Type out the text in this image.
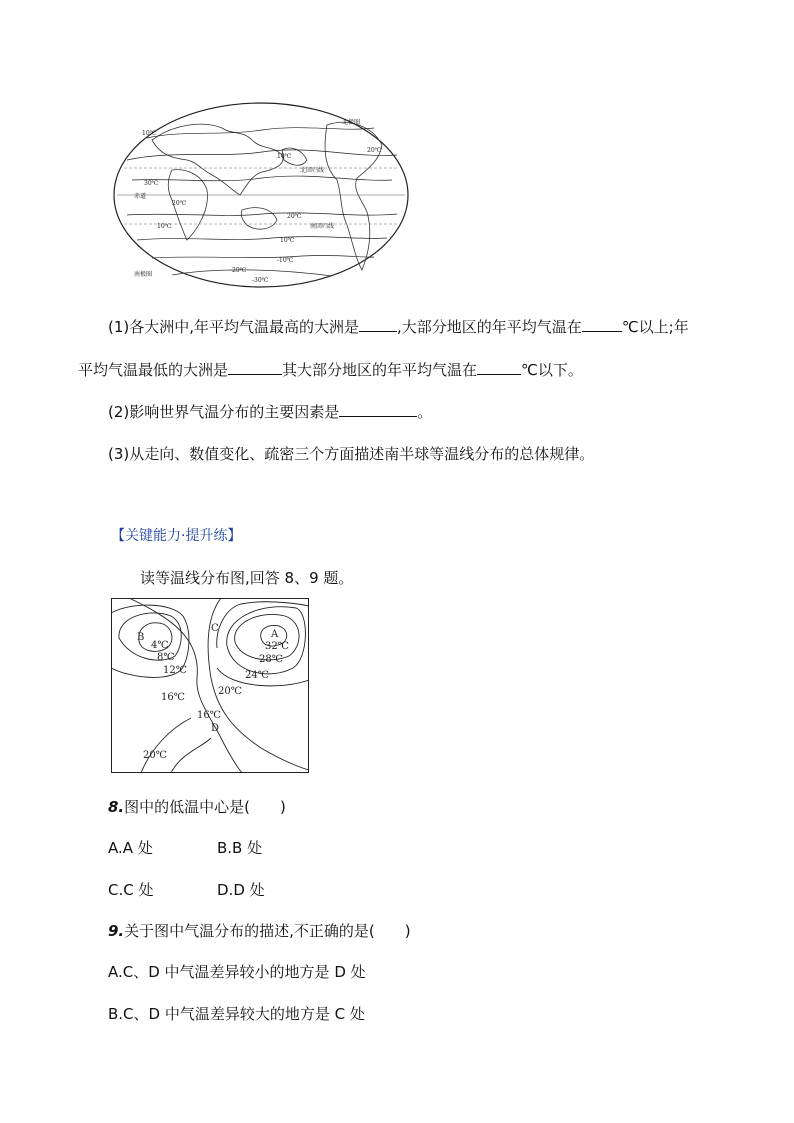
10℃
10℃
10℃
10℃
20℃
20℃
20℃
30℃
-20℃
-10℃
-30℃
北回归线
南回归线
赤道
北极圈
南极圈
(1)各大洲中,年平均气温最高的大洲是	,大部分地区的年平均气温在	℃以上;年
平均气温最低的大洲是	其大部分地区的年平均气温在	℃以下。
(2)影响世界气温分布的主要因素是	。
(3)从走向、数值变化、疏密三个方面描述南半球等温线分布的总体规律。
【关键能力·提升练】
读等温线分布图,回答 8、9 题。
B
4℃
8℃
12℃
16℃
16℃
20℃
C
D
A
32℃
28℃
24℃
20℃
8.图中的低温中心是(　　)
A.A 处	B.B 处
C.C 处	D.D 处
9.关于图中气温分布的描述,不正确的是(　　)
A.C、D 中气温差异较小的地方是 D 处
B.C、D 中气温差异较大的地方是 C 处
